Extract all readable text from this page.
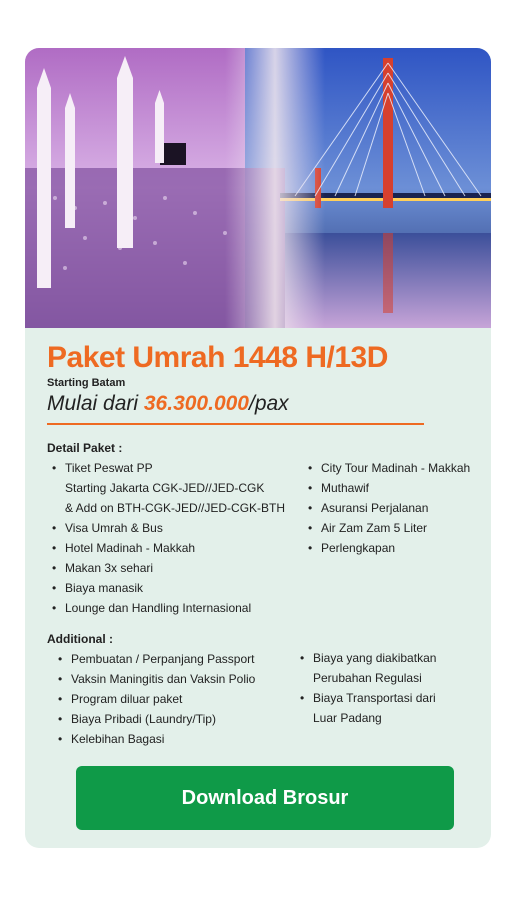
Paket Umrah 1448 H/13D
Starting Batam
Mulai dari 36.300.000/pax
Detail Paket :
• Tiket Peswat PP
Starting Jakarta CGK-JED//JED-CGK
& Add on BTH-CGK-JED//JED-CGK-BTH
• Visa Umrah & Bus
• Hotel Madinah - Makkah
• Makan 3x sehari
• Biaya manasik
• Lounge dan Handling Internasional
• City Tour Madinah - Makkah
• Muthawif
• Asuransi Perjalanan
• Air Zam Zam 5 Liter
• Perlengkapan
Additional :
• Pembuatan / Perpanjang Passport
• Vaksin Maningitis dan Vaksin Polio
• Program diluar paket
• Biaya Pribadi (Laundry/Tip)
• Kelebihan Bagasi
• Biaya yang diakibatkan
Perubahan Regulasi
• Biaya Transportasi dari
Luar Padang
Download Brosur
